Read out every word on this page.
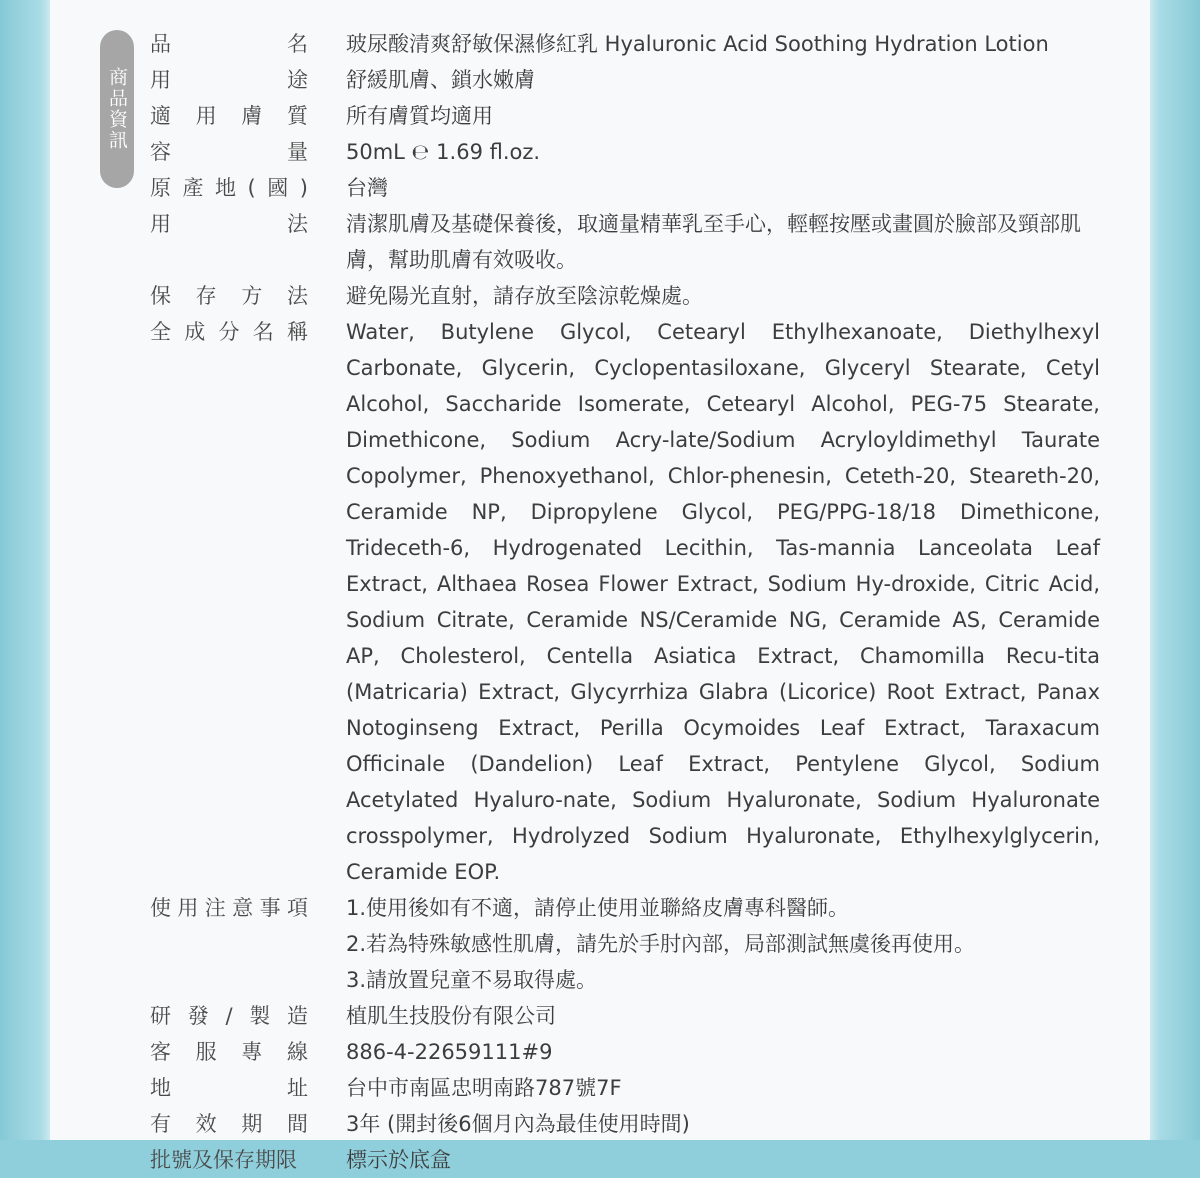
商品資訊
品	名 玻尿酸清爽舒敏保濕修紅乳 Hyaluronic Acid Soothing Hydration Lotion

用	途 舒緩肌膚、鎖水嫩膚

適 用 膚 質 所有膚質均適用

容	量 50mL ℮ 1.69 fl.oz.

原 產 地 ( 國 ) 台灣

用	法 清潔肌膚及基礎保養後，取適量精華乳至手心，輕輕按壓或畫圓於臉部及頸部肌膚，幫助肌膚有效吸收。

保 存 方 法 避免陽光直射，請存放至陰涼乾燥處。

全 成 分 名 稱 Water, Butylene Glycol, Cetearyl Ethylhexanoate, Diethylhexyl Carbonate, Glycerin, Cyclopentasiloxane, Glyceryl Stearate, Cetyl Alcohol, Saccharide Isomerate, Cetearyl Alcohol, PEG-75 Stearate, Dimethicone, Sodium Acry-late/Sodium Acryloyldimethyl Taurate Copolymer, Phenoxyethanol, Chlor-phenesin, Ceteth-20, Steareth-20, Ceramide NP, Dipropylene Glycol, PEG/PPG-18/18 Dimethicone, Trideceth-6, Hydrogenated Lecithin, Tas-mannia Lanceolata Leaf Extract, Althaea Rosea Flower Extract, Sodium Hy-droxide, Citric Acid, Sodium Citrate, Ceramide NS/Ceramide NG, Ceramide AS, Ceramide AP, Cholesterol, Centella Asiatica Extract, Chamomilla Recu-tita (Matricaria) Extract, Glycyrrhiza Glabra (Licorice) Root Extract, Panax Notoginseng Extract, Perilla Ocymoides Leaf Extract, Taraxacum Officinale (Dandelion) Leaf Extract, Pentylene Glycol, Sodium Acetylated Hyaluro-nate, Sodium Hyaluronate, Sodium Hyaluronate crosspolymer, Hydrolyzed Sodium Hyaluronate, Ethylhexylglycerin, Ceramide EOP.

使 用 注 意 事 項 1.使用後如有不適，請停止使用並聯絡皮膚專科醫師。

2.若為特殊敏感性肌膚，請先於手肘內部，局部測試無虞後再使用。

3.請放置兒童不易取得處。

研 發 / 製 造 植肌生技股份有限公司

客 服 專 線 886-4-22659111#9

地	址 台中市南區忠明南路787號7F

有 效 期 間 3年 (開封後6個月內為最佳使用時間)

批號及保存期限 標示於底盒
